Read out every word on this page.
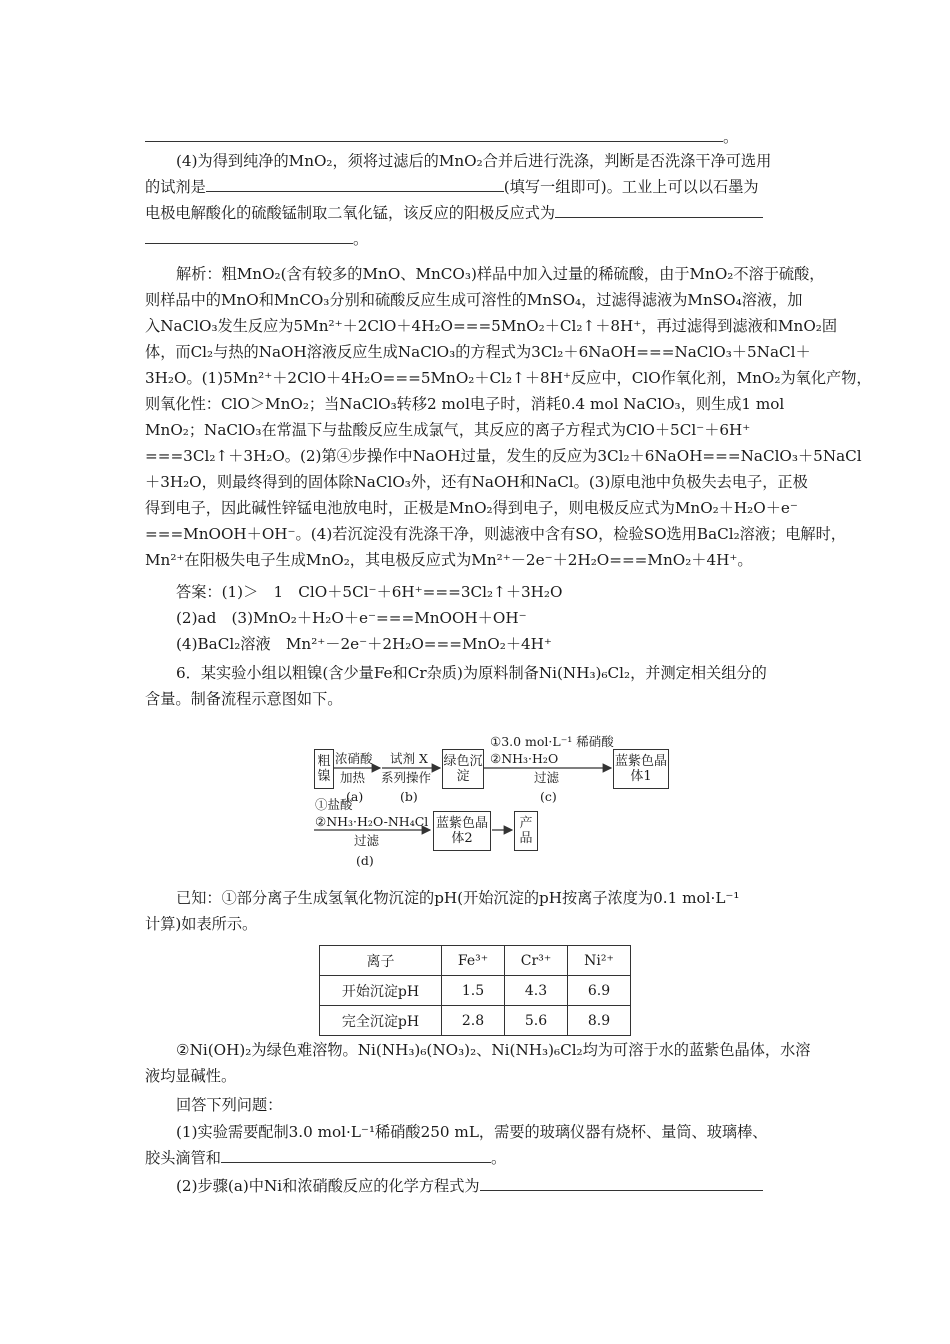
。
(4)为得到纯净的MnO₂，须将过滤后的MnO₂合并后进行洗涤，判断是否洗涤干净可选用
的试剂是	(填写一组即可)。工业上可以以石墨为
电极电解酸化的硫酸锰制取二氧化锰，该反应的阳极反应式为
。
解析：粗MnO₂(含有较多的MnO、MnCO₃)样品中加入过量的稀硫酸，由于MnO₂不溶于硫酸，
则样品中的MnO和MnCO₃分别和硫酸反应生成可溶性的MnSO₄，过滤得滤液为MnSO₄溶液，加
入NaClO₃发生反应为5Mn²⁺＋2ClO＋4H₂O===5MnO₂＋Cl₂↑＋8H⁺，再过滤得到滤液和MnO₂固
体，而Cl₂与热的NaOH溶液反应生成NaClO₃的方程式为3Cl₂＋6NaOH===NaClO₃＋5NaCl＋
3H₂O。(1)5Mn²⁺＋2ClO＋4H₂O===5MnO₂＋Cl₂↑＋8H⁺反应中，ClO作氧化剂，MnO₂为氧化产物，
则氧化性：ClO＞MnO₂；当NaClO₃转移2 mol电子时，消耗0.4 mol NaClO₃，则生成1 mol
MnO₂；NaClO₃在常温下与盐酸反应生成氯气，其反应的离子方程式为ClO＋5Cl⁻＋6H⁺
===3Cl₂↑＋3H₂O。(2)第④步操作中NaOH过量，发生的反应为3Cl₂＋6NaOH===NaClO₃＋5NaCl
＋3H₂O，则最终得到的固体除NaClO₃外，还有NaOH和NaCl。(3)原电池中负极失去电子，正极
得到电子，因此碱性锌锰电池放电时，正极是MnO₂得到电子，则电极反应式为MnO₂＋H₂O＋e⁻
===MnOOH＋OH⁻。(4)若沉淀没有洗涤干净，则滤液中含有SO，检验SO选用BaCl₂溶液；电解时，
Mn²⁺在阳极失电子生成MnO₂，其电极反应式为Mn²⁺－2e⁻＋2H₂O===MnO₂＋4H⁺。
答案：(1)＞　1　ClO＋5Cl⁻＋6H⁺===3Cl₂↑＋3H₂O
(2)ad　(3)MnO₂＋H₂O＋e⁻===MnOOH＋OH⁻
(4)BaCl₂溶液　Mn²⁺－2e⁻＋2H₂O===MnO₂＋4H⁺
6．某实验小组以粗镍(含少量Fe和Cr杂质)为原料制备Ni(NH₃)₆Cl₂，并测定相关组分的
含量。制备流程示意图如下。
粗镍
绿色沉淀
蓝紫色晶体1
蓝紫色晶体2
产品
浓硝酸
加热
(a)
试剂 X
系列操作
(b)
①3.0 mol·L⁻¹ 稀硝酸
②NH₃·H₂O
过滤
(c)
①盐酸
②NH₃·H₂O-NH₄Cl
过滤
(d)
已知：①部分离子生成氢氧化物沉淀的pH(开始沉淀的pH按离子浓度为0.1 mol·L⁻¹
计算)如表所示。
离子	Fe³⁺	Cr³⁺	Ni²⁺
开始沉淀pH	1.5	4.3	6.9
完全沉淀pH	2.8	5.6	8.9
②Ni(OH)₂为绿色难溶物。Ni(NH₃)₆(NO₃)₂、Ni(NH₃)₆Cl₂均为可溶于水的蓝紫色晶体，水溶
液均显碱性。
回答下列问题：
(1)实验需要配制3.0 mol·L⁻¹稀硝酸250 mL，需要的玻璃仪器有烧杯、量筒、玻璃棒、
胶头滴管和	。
(2)步骤(a)中Ni和浓硝酸反应的化学方程式为
